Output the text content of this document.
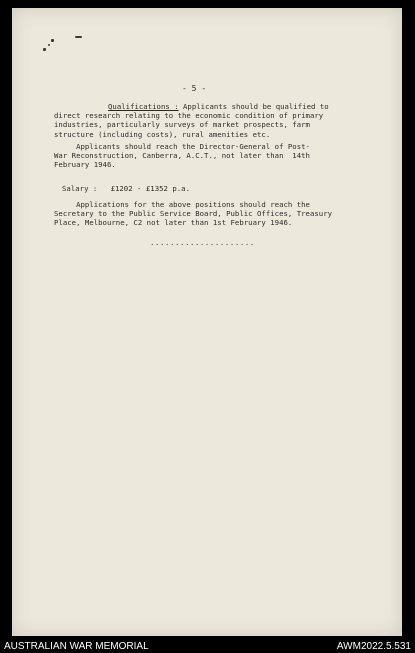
- 5 -
Qualifications : Applicants should be qualified to
direct research relating to the economic condition of primary
industries, particularly surveys of market prospects, farm
structure (including costs), rural amenities etc.
Applicants should reach the Director-General of Post-
War Reconstruction, Canberra, A.C.T., not later than  14th
February 1946.
Salary : £1202 - £1352 p.a.
Applications for the above positions should reach the
Secretary to the Public Service Board, Public Offices, Treasury
Place, Melbourne, C2 not later than 1st February 1946.
.....................
AUSTRALIAN WAR MEMORIAL	AWM2022.5.531
